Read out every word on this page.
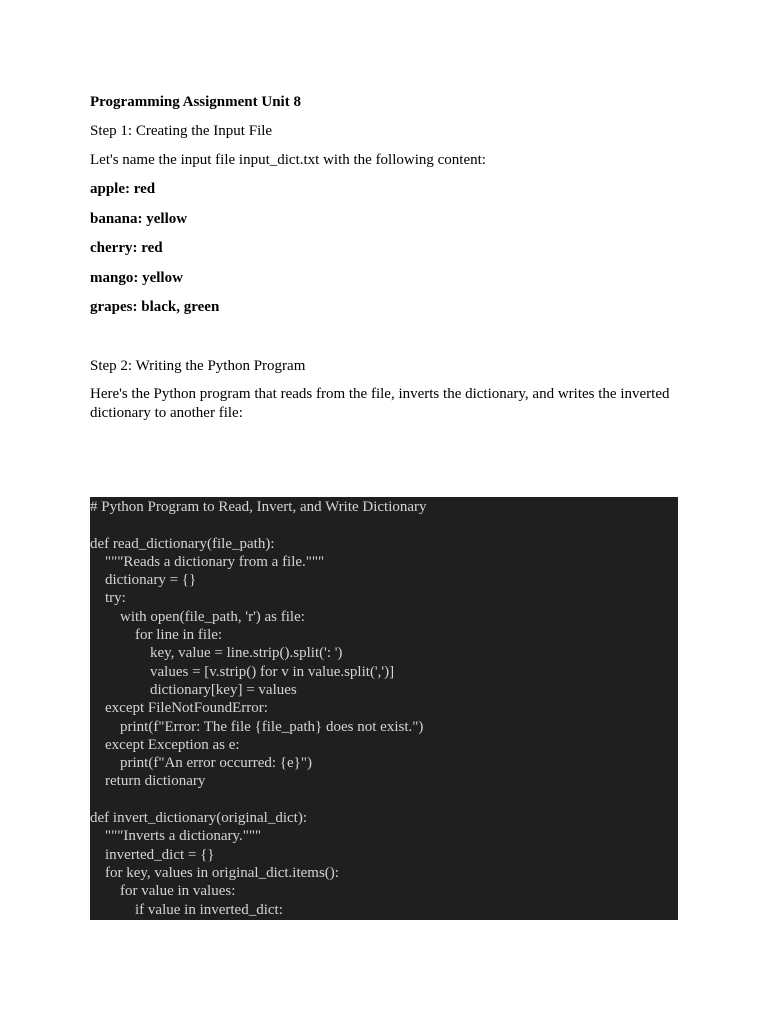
Programming Assignment Unit 8

Step 1: Creating the Input File

Let's name the input file input_dict.txt with the following content:

apple: red
banana: yellow
cherry: red
mango: yellow
grapes: black, green

Step 2: Writing the Python Program

Here's the Python program that reads from the file, inverts the dictionary, and writes the inverted dictionary to another file:

# Python Program to Read, Invert, and Write Dictionary
def read_dictionary(file_path):
"""Reads a dictionary from a file."""
dictionary = {}
try:
with open(file_path, 'r') as file:
for line in file:
key, value = line.strip().split(': ')
values = [v.strip() for v in value.split(',')]
dictionary[key] = values
except FileNotFoundError:
print(f"Error: The file {file_path} does not exist.")
except Exception as e:
print(f"An error occurred: {e}")
return dictionary
def invert_dictionary(original_dict):
"""Inverts a dictionary."""
inverted_dict = {}
for key, values in original_dict.items():
for value in values:
if value in inverted_dict:
